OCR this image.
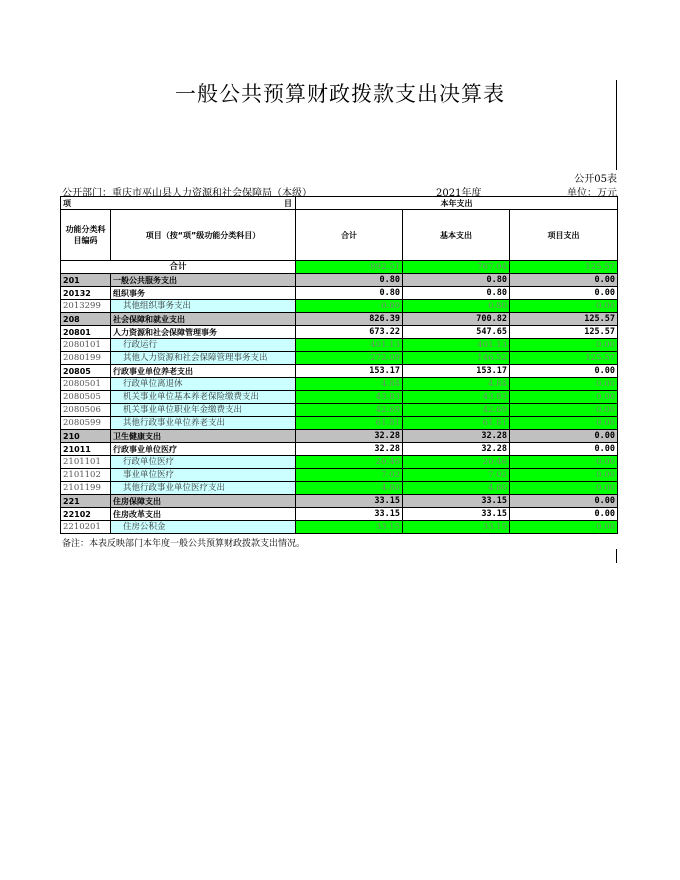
一般公共预算财政拨款支出决算表
公开05表
公开部门：重庆市巫山县人力资源和社会保障局（本级）	2021年度	单位：万元
项 目		本年支出		
功能分类科目编码	项目（按“项”级功能分类科目）	合计	基本支出	项目支出
合计		892.51	767.04	125.57
201	一般公共服务支出	0.80	0.80	0.00
20132	组织事务	0.80	0.80	0.00
2013299	其他组织事务支出	0.80	0.80	0.00
208	社会保障和就业支出	826.39	700.82	125.57
20801	人力资源和社会保障管理事务	673.22	547.65	125.57
2080101	行政运行	401.13	401.13	0.00
2080199	其他人力资源和社会保障管理事务支出	272.09	146.52	125.57
20805	行政事业单位养老支出	153.17	153.17	0.00
2080501	行政单位离退休	4.84	4.84	0.00
2080505	机关事业单位基本养老保险缴费支出	43.83	43.83	0.00
2080506	机关事业单位职业年金缴费支出	42.69	42.69	0.00
2080599	其他行政事业单位养老支出	61.81	61.81	0.00
210	卫生健康支出	32.28	32.28	0.00
21011	行政事业单位医疗	32.28	32.28	0.00
2101101	行政单位医疗	20.46	20.46	0.00
2101102	事业单位医疗	7.02	7.02	0.00
2101199	其他行政事业单位医疗支出	4.80	4.80	0.00
221	住房保障支出	33.15	33.15	0.00
22102	住房改革支出	33.15	33.15	0.00
2210201	住房公积金	33.15	33.15	0.00
备注：本表反映部门本年度一般公共预算财政拨款支出情况。
